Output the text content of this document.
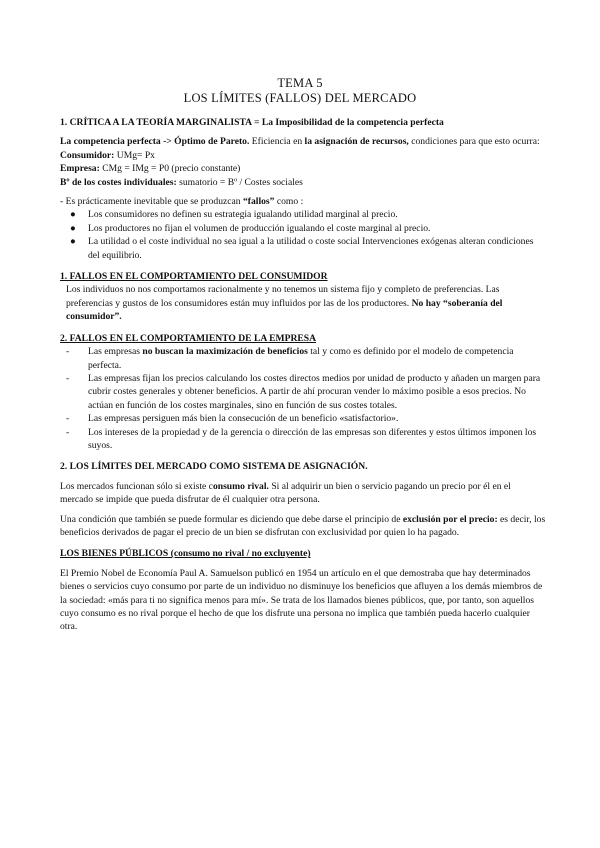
TEMA 5
LOS LÍMITES (FALLOS) DEL MERCADO

1. CRÍTICA A LA TEORÍA MARGINALISTA = La Imposibilidad de la competencia perfecta

La competencia perfecta -> Óptimo de Pareto. Eficiencia en la asignación de recursos, condiciones para que esto ocurra:

Consumidor: UMg= Px

Empresa: CMg = IMg = P0 (precio constante)

Bº de los costes individuales: sumatorio = Bº / Costes sociales

- Es prácticamente inevitable que se produzcan “fallos” como :

● Los consumidores no definen su estrategia igualando utilidad marginal al precio.
● Los productores no fijan el volumen de producción igualando el coste marginal al precio.
● La utilidad o el coste individual no sea igual a la utilidad o coste social Intervenciones exógenas alteran condiciones del equilibrio.

1. FALLOS EN EL COMPORTAMIENTO DEL CONSUMIDOR

Los individuos no nos comportamos racionalmente y no tenemos un sistema fijo y completo de preferencias. Las preferencias y gustos de los consumidores están muy influidos por las de los productores. No hay “soberanía del consumidor”.

2. FALLOS EN EL COMPORTAMIENTO DE LA EMPRESA

- Las empresas no buscan la maximización de beneficios tal y como es definido por el modelo de competencia perfecta.
- Las empresas fijan los precios calculando los costes directos medios por unidad de producto y añaden un margen para cubrir costes generales y obtener beneficios. A partir de ahí procuran vender lo máximo posible a esos precios. No actúan en función de los costes marginales, sino en función de sus costes totales.
- Las empresas persiguen más bien la consecución de un beneficio «satisfactorio».
- Los intereses de la propiedad y de la gerencia o dirección de las empresas son diferentes y estos últimos imponen los suyos.

2. LOS LÍMITES DEL MERCADO COMO SISTEMA DE ASIGNACIÓN.

Los mercados funcionan sólo si existe consumo rival. Si al adquirir un bien o servicio pagando un precio por él en el mercado se impide que pueda disfrutar de él cualquier otra persona.

Una condición que también se puede formular es diciendo que debe darse el principio de exclusión por el precio: es decir, los beneficios derivados de pagar el precio de un bien se disfrutan con exclusividad por quien lo ha pagado.

LOS BIENES PÚBLICOS (consumo no rival / no excluyente)

El Premio Nobel de Economía Paul A. Samuelson publicó en 1954 un artículo en el que demostraba que hay determinados bienes o servicios cuyo consumo por parte de un individuo no disminuye los beneficios que afluyen a los demás miembros de la sociedad: «más para ti no significa menos para mí». Se trata de los llamados bienes públicos, que, por tanto, son aquellos cuyo consumo es no rival porque el hecho de que los disfrute una persona no implica que también pueda hacerlo cualquier otra.
